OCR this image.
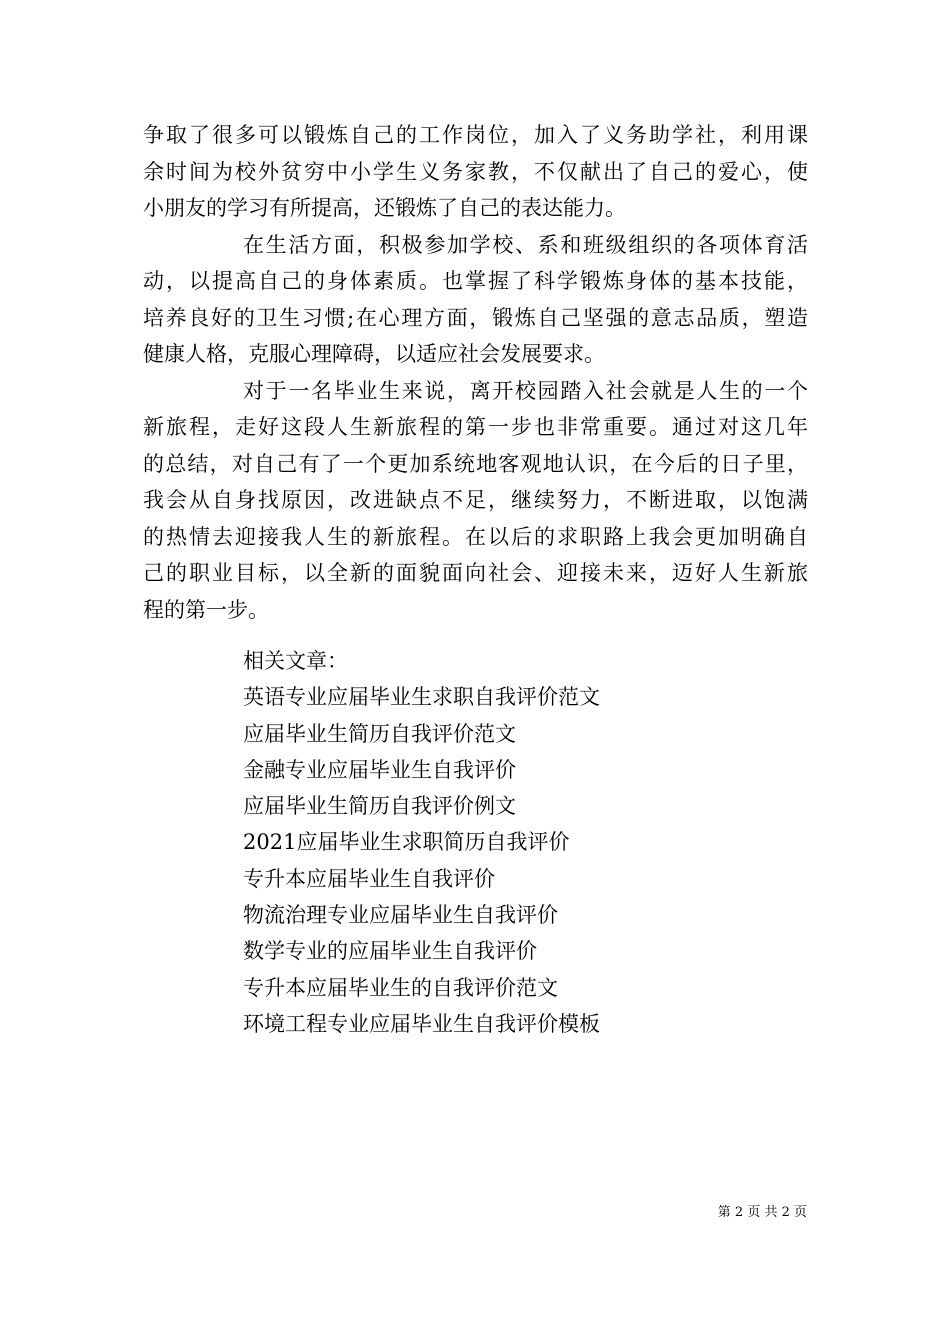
争取了很多可以锻炼自己的工作岗位，加入了义务助学社，利用课
余时间为校外贫穷中小学生义务家教，不仅献出了自己的爱心，使
小朋友的学习有所提高，还锻炼了自己的表达能力。
在生活方面，积极参加学校、系和班级组织的各项体育活
动，以提高自己的身体素质。也掌握了科学锻炼身体的基本技能，
培养良好的卫生习惯;在心理方面，锻炼自己坚强的意志品质，塑造
健康人格，克服心理障碍，以适应社会发展要求。
对于一名毕业生来说，离开校园踏入社会就是人生的一个
新旅程，走好这段人生新旅程的第一步也非常重要。通过对这几年
的总结，对自己有了一个更加系统地客观地认识，在今后的日子里，
我会从自身找原因，改进缺点不足，继续努力，不断进取，以饱满
的热情去迎接我人生的新旅程。在以后的求职路上我会更加明确自
己的职业目标，以全新的面貌面向社会、迎接未来，迈好人生新旅
程的第一步。
相关文章：
英语专业应届毕业生求职自我评价范文
应届毕业生简历自我评价范文
金融专业应届毕业生自我评价
应届毕业生简历自我评价例文
2021应届毕业生求职简历自我评价
专升本应届毕业生自我评价
物流治理专业应届毕业生自我评价
数学专业的应届毕业生自我评价
专升本应届毕业生的自我评价范文
环境工程专业应届毕业生自我评价模板
第 2 页 共 2 页
